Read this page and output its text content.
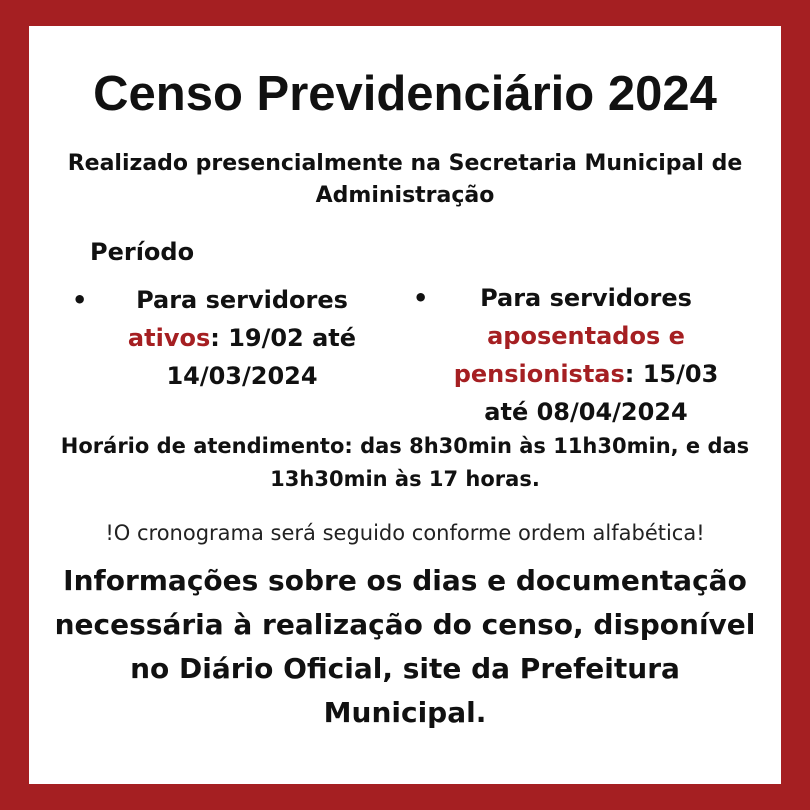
Censo Previdenciário 2024

Realizado presencialmente na Secretaria Municipal de Administração

Período
•	Para servidores
ativos: 19/02 até 14/03/2024
•	Para servidores
aposentados e pensionistas: 15/03 até 08/04/2024

Horário de atendimento: das 8h30min às 11h30min, e das 13h30min às 17 horas.

!O cronograma será seguido conforme ordem alfabética!

Informações sobre os dias e documentação necessária à realização do censo, disponível no Diário Oficial, site da Prefeitura Municipal.
